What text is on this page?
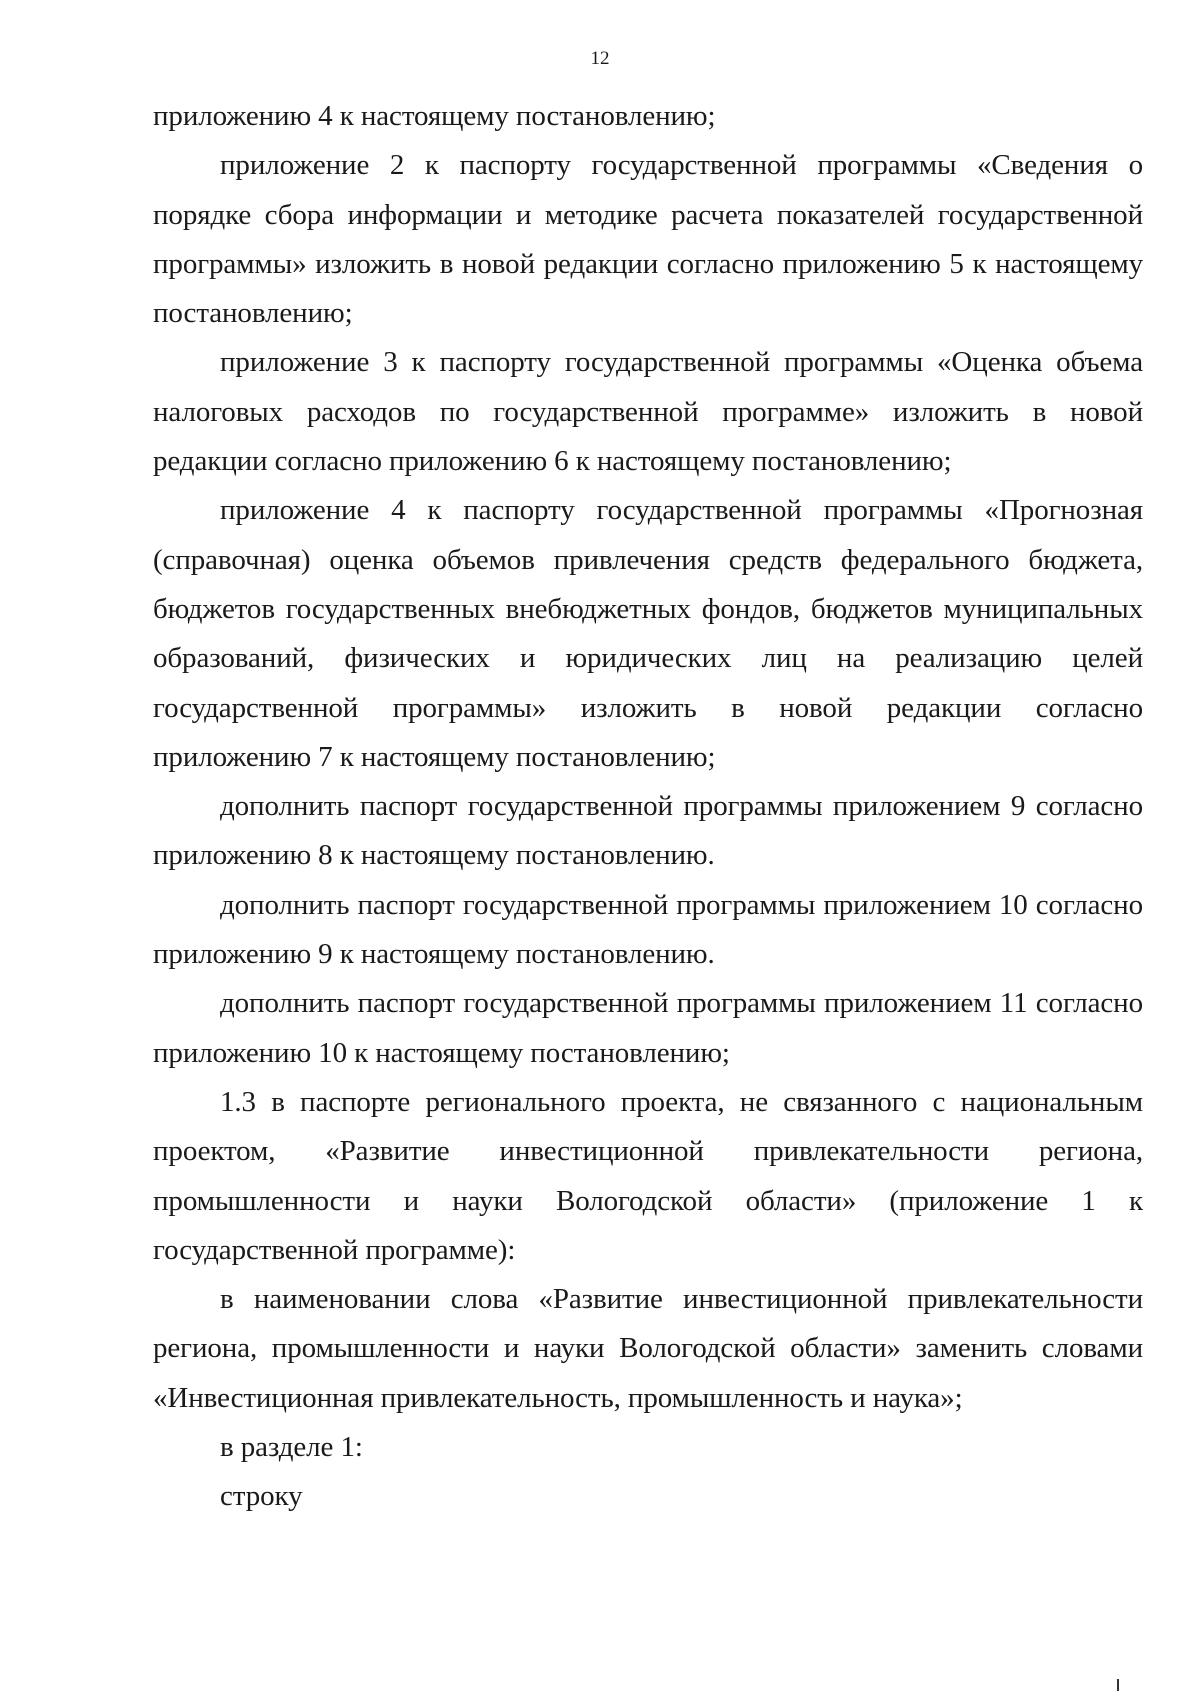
12

приложению 4 к настоящему постановлению;

приложение 2 к паспорту государственной программы «Сведения о порядке сбора информации и методике расчета показателей государственной программы» изложить в новой редакции согласно приложению 5 к настоящему постановлению;

приложение 3 к паспорту государственной программы «Оценка объема налоговых расходов по государственной программе» изложить в новой редакции согласно приложению 6 к настоящему постановлению;

приложение 4 к паспорту государственной программы «Прогнозная (справочная) оценка объемов привлечения средств федерального бюджета, бюджетов государственных внебюджетных фондов, бюджетов муниципальных образований, физических и юридических лиц на реализацию целей государственной программы» изложить в новой редакции согласно приложению 7 к настоящему постановлению;

дополнить паспорт государственной программы приложением 9 согласно приложению 8 к настоящему постановлению.

дополнить паспорт государственной программы приложением 10 согласно приложению 9 к настоящему постановлению.

дополнить паспорт государственной программы приложением 11 согласно приложению 10 к настоящему постановлению;

1.3 в паспорте регионального проекта, не связанного с национальным проектом, «Развитие инвестиционной привлекательности региона, промышленности и науки Вологодской области» (приложение 1 к государственной программе):

в наименовании слова «Развитие инвестиционной привлекательности региона, промышленности и науки Вологодской области» заменить словами «Инвестиционная привлекательность, промышленность и наука»;

в разделе 1:

строку
